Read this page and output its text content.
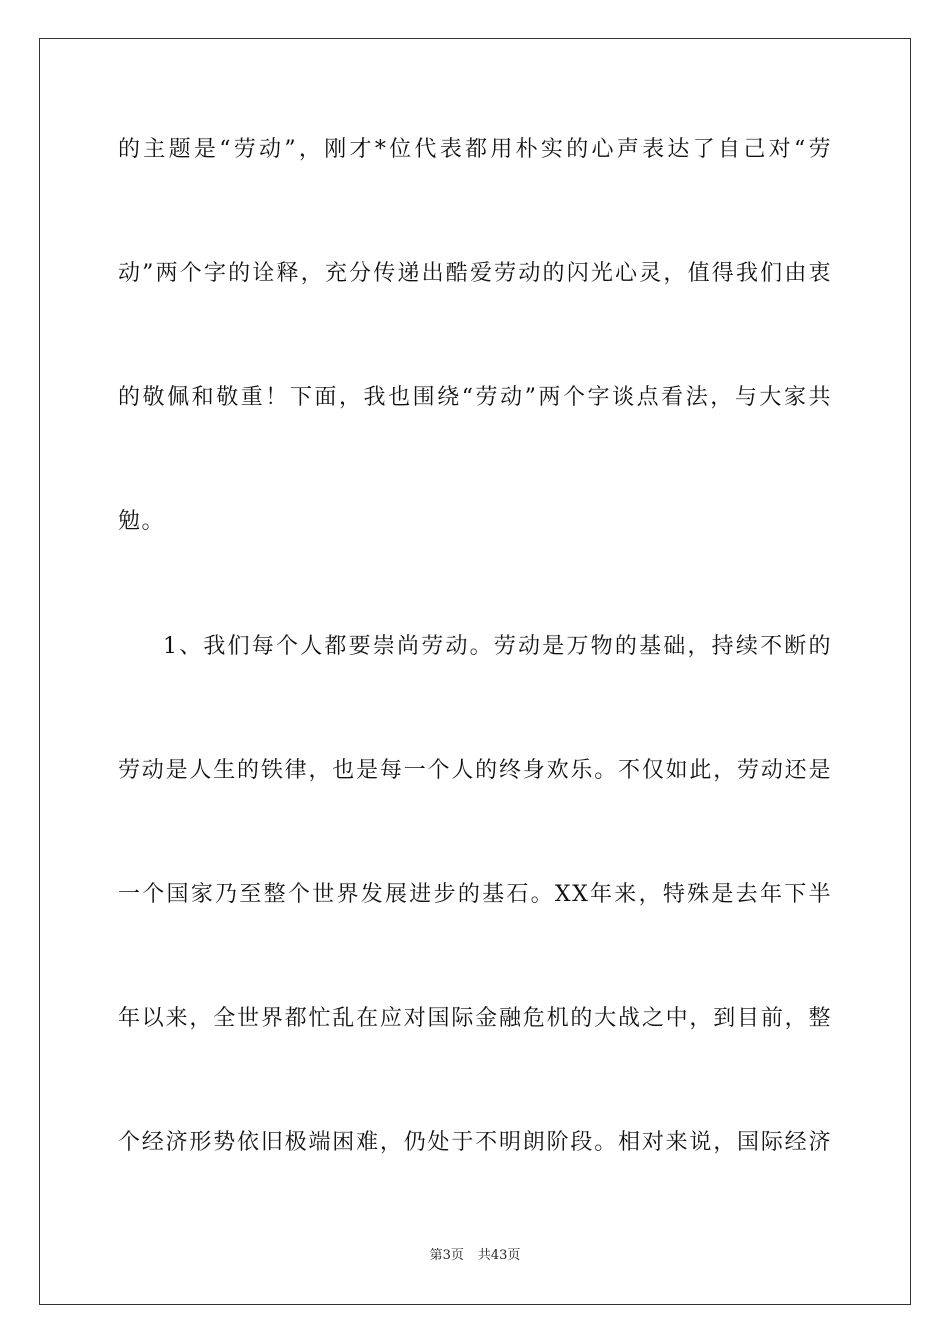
的主题是“劳动”，刚才*位代表都用朴实的心声表达了自己对“劳
动”两个字的诠释，充分传递出酷爱劳动的闪光心灵，值得我们由衷
的敬佩和敬重！下面，我也围绕“劳动”两个字谈点看法，与大家共
勉。
1、我们每个人都要崇尚劳动。劳动是万物的基础，持续不断的
劳动是人生的铁律，也是每一个人的终身欢乐。不仅如此，劳动还是
一个国家乃至整个世界发展进步的基石。XX年来，特殊是去年下半
年以来，全世界都忙乱在应对国际金融危机的大战之中，到目前，整
个经济形势依旧极端困难，仍处于不明朗阶段。相对来说，国际经济
第3页 共43页
